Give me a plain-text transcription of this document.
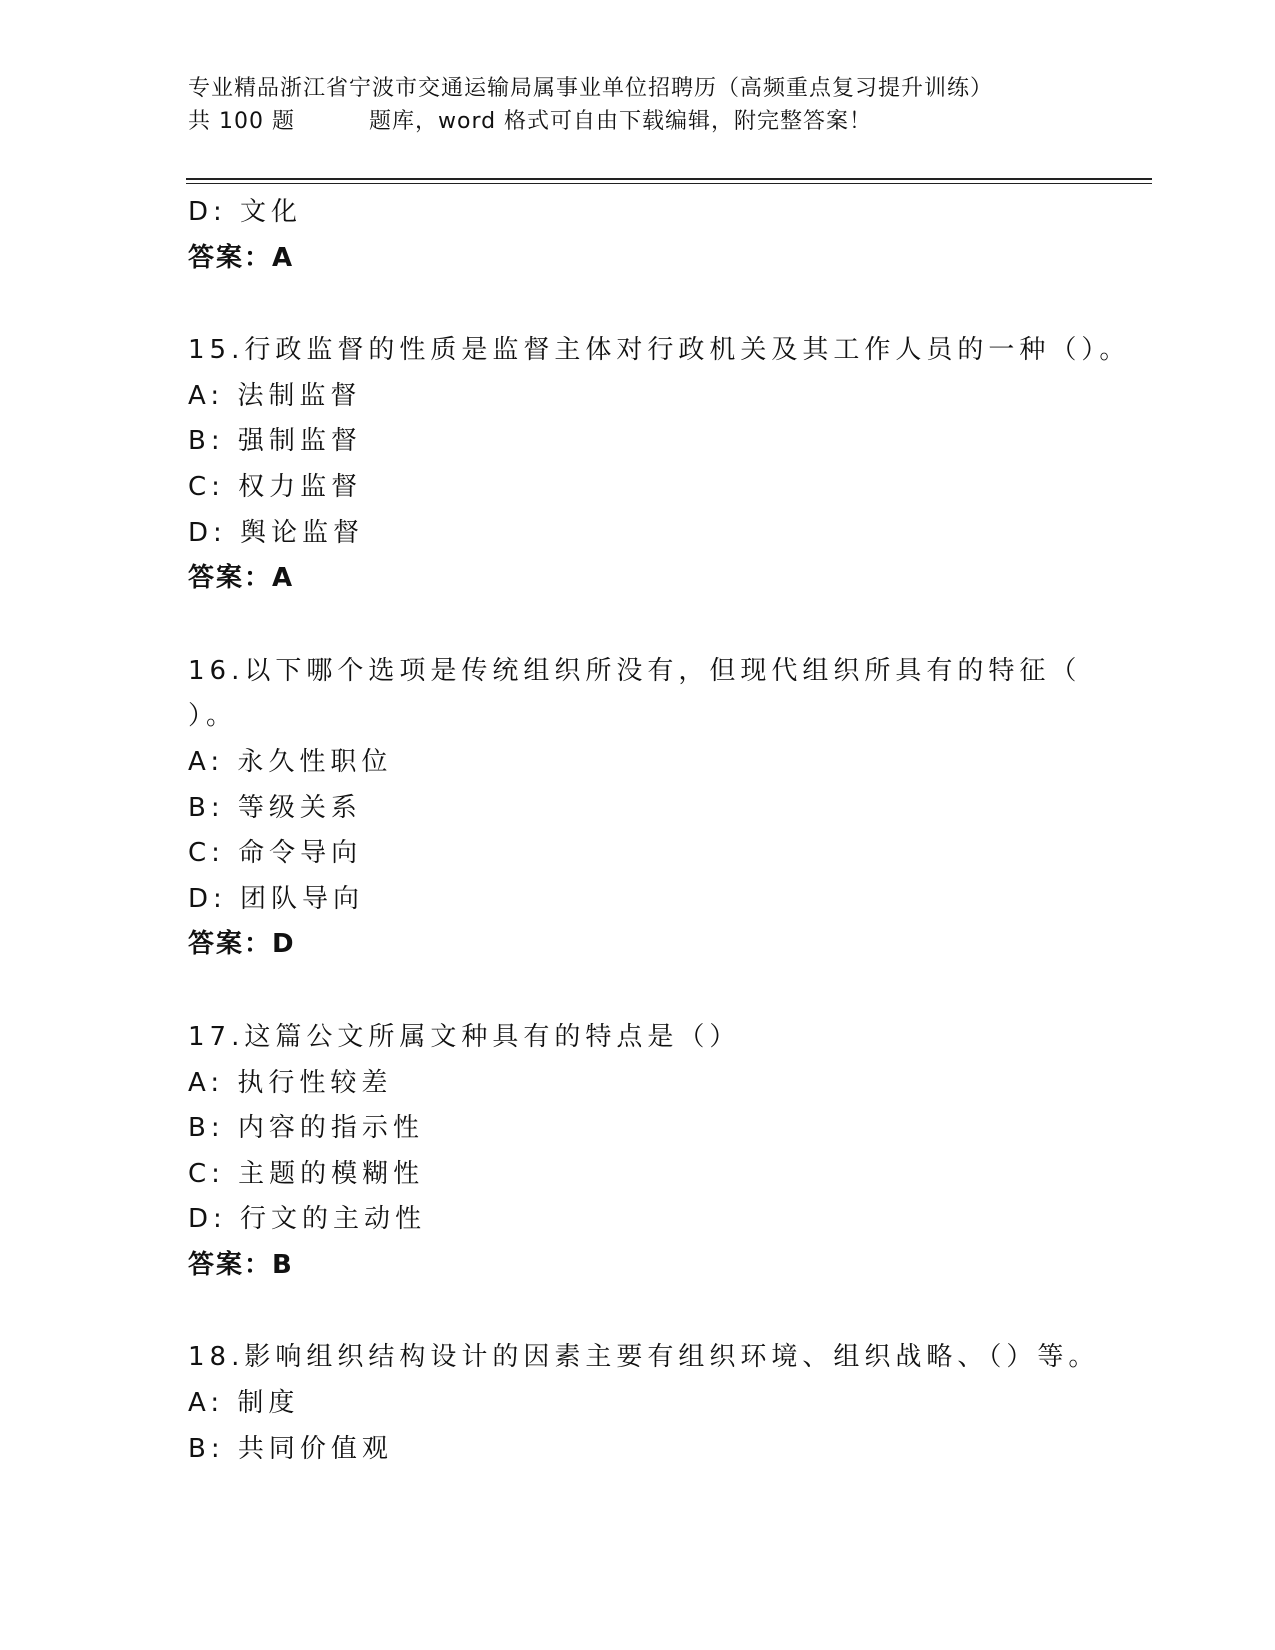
专业精品浙江省宁波市交通运输局属事业单位招聘历（高频重点复习提升训练）
共 100 题	题库，word 格式可自由下载编辑，附完整答案！
D: 文化
答案：A
15.行政监督的性质是监督主体对行政机关及其工作人员的一种（）。
A: 法制监督
B: 强制监督
C: 权力监督
D: 舆论监督
答案：A
16.以下哪个选项是传统组织所没有，但现代组织所具有的特征（
）。
A: 永久性职位
B: 等级关系
C: 命令导向
D: 团队导向
答案：D
17.这篇公文所属文种具有的特点是（）
A: 执行性较差
B: 内容的指示性
C: 主题的模糊性
D: 行文的主动性
答案：B
18.影响组织结构设计的因素主要有组织环境、组织战略、（）等。
A: 制度
B: 共同价值观
